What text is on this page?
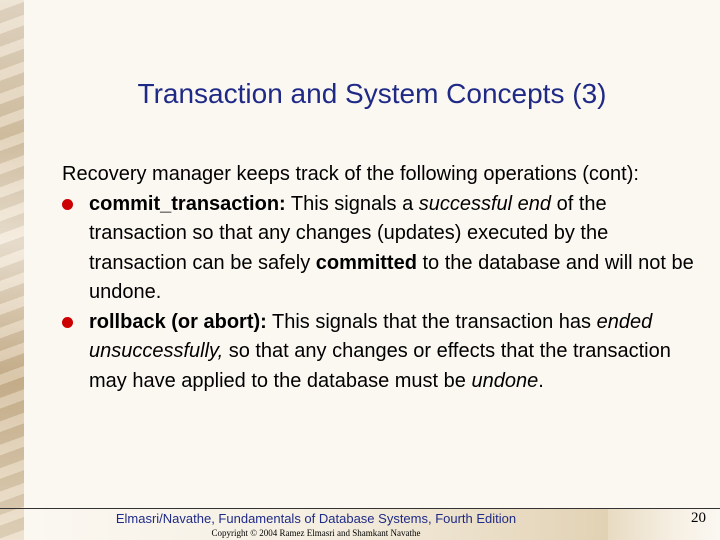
Transaction and System Concepts (3)

Recovery manager keeps track of the following operations (cont):

commit_transaction: This signals a successful end of the transaction so that any changes (updates) executed by the transaction can be safely committed to the database and will not be undone.

rollback (or abort): This signals that the transaction has ended unsuccessfully, so that any changes or effects that the transaction may have applied to the database must be undone.

Elmasri/Navathe, Fundamentals of Database Systems, Fourth Edition
Copyright © 2004 Ramez Elmasri and Shamkant Navathe
20
